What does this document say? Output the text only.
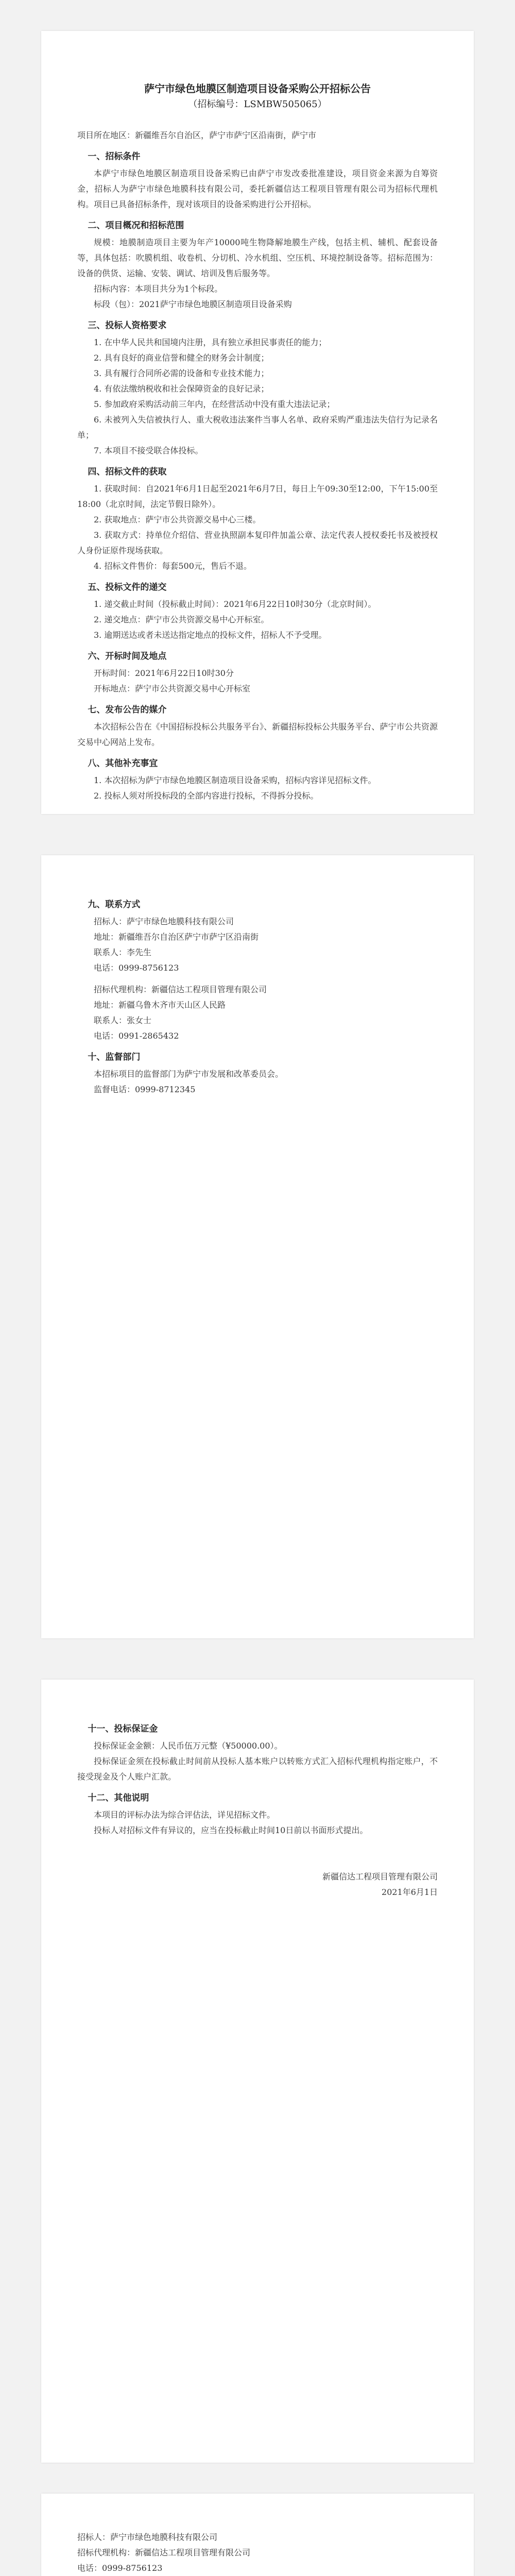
萨宁市绿色地膜区制造项目设备采购公开招标公告
（招标编号：LSMBW505065）

项目所在地区：新疆维吾尔自治区，萨宁市萨宁区沿南街，萨宁市

一、招标条件

本萨宁市绿色地膜区制造项目设备采购已由萨宁市发改委批准建设，项目资金来源为自筹资金，招标人为萨宁市绿色地膜科技有限公司，委托新疆信达工程项目管理有限公司为招标代理机构。项目已具备招标条件，现对该项目的设备采购进行公开招标。

二、项目概况和招标范围

规模：地膜制造项目主要为年产10000吨生物降解地膜生产线，包括主机、辅机、配套设备等，具体包括：吹膜机组、收卷机、分切机、冷水机组、空压机、环境控制设备等。招标范围为：设备的供货、运输、安装、调试、培训及售后服务等。

招标内容：本项目共分为1个标段。

标段（包）：2021萨宁市绿色地膜区制造项目设备采购

三、投标人资格要求

1. 在中华人民共和国境内注册，具有独立承担民事责任的能力；

2. 具有良好的商业信誉和健全的财务会计制度；

3. 具有履行合同所必需的设备和专业技术能力；

4. 有依法缴纳税收和社会保障资金的良好记录；

5. 参加政府采购活动前三年内，在经营活动中没有重大违法记录；

6. 未被列入失信被执行人、重大税收违法案件当事人名单、政府采购严重违法失信行为记录名单；

7. 本项目不接受联合体投标。

四、招标文件的获取

1. 获取时间：自2021年6月1日起至2021年6月7日，每日上午09:30至12:00，下午15:00至18:00（北京时间，法定节假日除外）。

2. 获取地点：萨宁市公共资源交易中心三楼。

3. 获取方式：持单位介绍信、营业执照副本复印件加盖公章、法定代表人授权委托书及被授权人身份证原件现场获取。

4. 招标文件售价：每套500元，售后不退。

五、投标文件的递交

1. 递交截止时间（投标截止时间）：2021年6月22日10时30分（北京时间）。

2. 递交地点：萨宁市公共资源交易中心开标室。

3. 逾期送达或者未送达指定地点的投标文件，招标人不予受理。

六、开标时间及地点

开标时间：2021年6月22日10时30分

开标地点：萨宁市公共资源交易中心开标室

七、发布公告的媒介

本次招标公告在《中国招标投标公共服务平台》、新疆招标投标公共服务平台、萨宁市公共资源交易中心网站上发布。

八、其他补充事宜

1. 本次招标为萨宁市绿色地膜区制造项目设备采购，招标内容详见招标文件。

2. 投标人须对所投标段的全部内容进行投标，不得拆分投标。

九、联系方式

招标人：萨宁市绿色地膜科技有限公司

地址：新疆维吾尔自治区萨宁市萨宁区沿南街

联系人：李先生

电话：0999-8756123

招标代理机构：新疆信达工程项目管理有限公司

地址：新疆乌鲁木齐市天山区人民路

联系人：张女士

电话：0991-2865432

十、监督部门

本招标项目的监督部门为萨宁市发展和改革委员会。

监督电话：0999-8712345

十一、投标保证金

投标保证金金额：人民币伍万元整（¥50000.00）。

投标保证金须在投标截止时间前从投标人基本账户以转账方式汇入招标代理机构指定账户，不接受现金及个人账户汇款。

十二、其他说明

本项目的评标办法为综合评估法，详见招标文件。

投标人对招标文件有异议的，应当在投标截止时间10日前以书面形式提出。

新疆信达工程项目管理有限公司
2021年6月1日

招标人：萨宁市绿色地膜科技有限公司

招标代理机构：新疆信达工程项目管理有限公司

电话：0999-8756123
